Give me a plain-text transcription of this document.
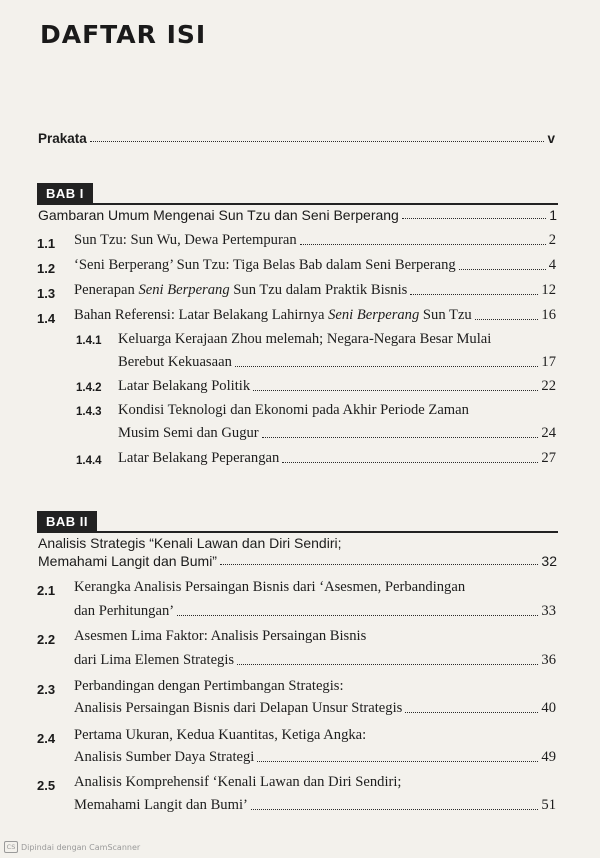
DAFTAR ISI
Prakata	v
BAB I
Gambaran Umum Mengenai Sun Tzu dan Seni Berperang	1
1.1 Sun Tzu: Sun Wu, Dewa Pertempuran	2
1.2 ‘Seni Berperang’ Sun Tzu: Tiga Belas Bab dalam Seni Berperang	4
1.3 Penerapan Seni Berperang Sun Tzu dalam Praktik Bisnis	12
1.4 Bahan Referensi: Latar Belakang Lahirnya Seni Berperang Sun Tzu	16
1.4.1 Keluarga Kerajaan Zhou melemah; Negara-Negara Besar Mulai
Berebut Kekuasaan	17
1.4.2 Latar Belakang Politik	22
1.4.3 Kondisi Teknologi dan Ekonomi pada Akhir Periode Zaman
Musim Semi dan Gugur	24
1.4.4 Latar Belakang Peperangan	27
BAB II
Analisis Strategis “Kenali Lawan dan Diri Sendiri;
Memahami Langit dan Bumi”	32
2.1 Kerangka Analisis Persaingan Bisnis dari ‘Asesmen, Perbandingan
dan Perhitungan’	33
2.2 Asesmen Lima Faktor: Analisis Persaingan Bisnis
dari Lima Elemen Strategis	36
2.3 Perbandingan dengan Pertimbangan Strategis:
Analisis Persaingan Bisnis dari Delapan Unsur Strategis	40
2.4 Pertama Ukuran, Kedua Kuantitas, Ketiga Angka:
Analisis Sumber Daya Strategi	49
2.5 Analisis Komprehensif ‘Kenali Lawan dan Diri Sendiri;
Memahami Langit dan Bumi’	51
CS Dipindai dengan CamScanner
